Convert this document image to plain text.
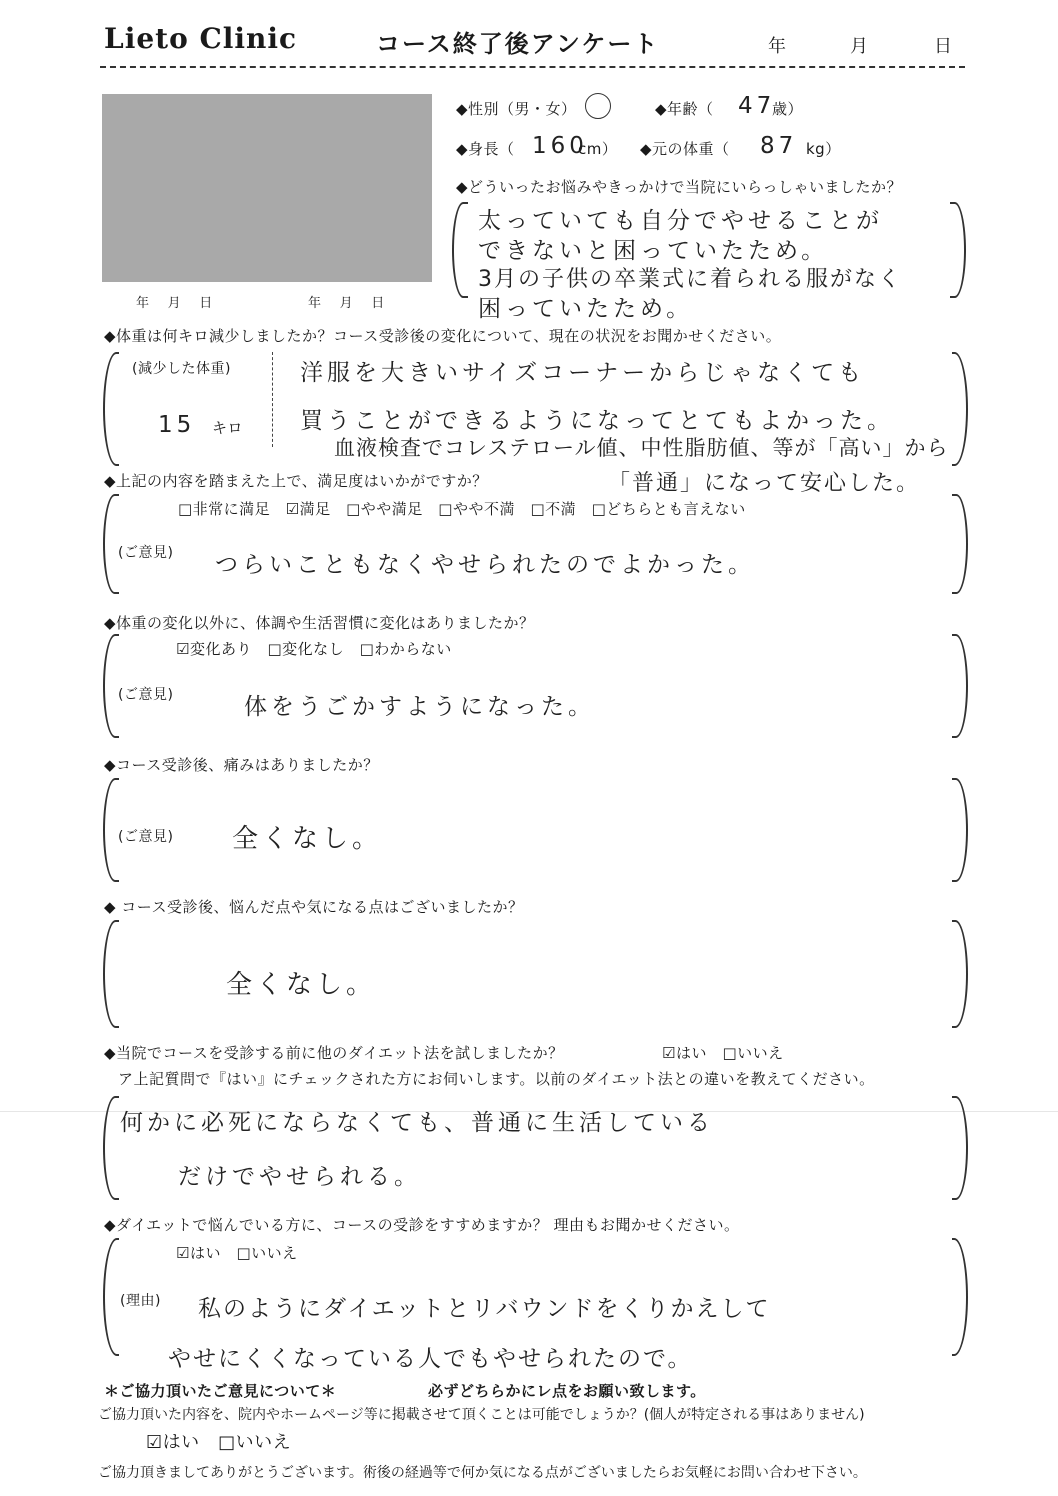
Lieto Clinic	コース終了後アンケート	年	月	日
年　 月　 日	年　 月　 日
◆性別（男・女）	◆年齢（ 47
歳）
◆身長（ 160
cm） ◆元の体重（ 87 kg）
◆どういったお悩みやきっかけで当院にいらっしゃいましたか？
太っていても自分でやせることが
できないと困っていたため。
3月の子供の卒業式に着られる服がなく
困っていたため。
◆体重は何キロ減少しましたか？コース受診後の変化について、現在の状況をお聞かせください。
(減少した体重)
15 キロ
洋服を大きいサイズコーナーからじゃなくても
買うことができるようになってとてもよかった。
血液検査でコレステロール値、中性脂肪値、等が「高い」から
「普通」になって安心した。
◆上記の内容を踏まえた上で、満足度はいかがですか？
□非常に満足　☑満足　□やや満足　□やや不満　□不満　□どちらとも言えない
(ご意見) つらいこともなくやせられたのでよかった。
◆体重の変化以外に、体調や生活習慣に変化はありましたか？
☑変化あり　□変化なし　□わからない
(ご意見)	体をうごかすようになった。
◆コース受診後、痛みはありましたか？
(ご意見) 全くなし。
◆ コース受診後、悩んだ点や気になる点はございましたか？
全くなし。
◆当院でコースを受診する前に他のダイエット法を試しましたか？	☑はい　□いいえ
ア上記質問で『はい』にチェックされた方にお伺いします。以前のダイエット法との違いを教えてください。
何かに必死にならなくても、普通に生活している
だけでやせられる。
◆ダイエットで悩んでいる方に、コースの受診をすすめますか？ 理由もお聞かせください。
☑はい　□いいえ
(理由) 私のようにダイエットとリバウンドをくりかえして
やせにくくなっている人でもやせられたので。
＊ご協力頂いたご意見について＊	必ずどちらかにレ点をお願い致します。
ご協力頂いた内容を、院内やホームページ等に掲載させて頂くことは可能でしょうか？(個人が特定される事はありません)
☑はい　□いいえ
ご協力頂きましてありがとうございます。術後の経過等で何か気になる点がございましたらお気軽にお問い合わせ下さい。
